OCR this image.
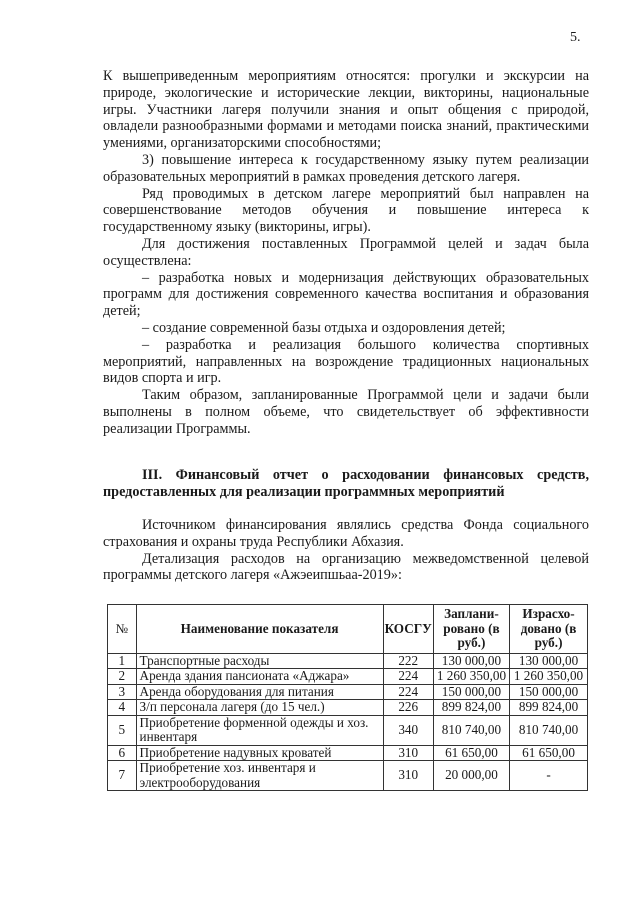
5.

К вышеприведенным мероприятиям относятся: прогулки и экскурсии на природе, экологические и исторические лекции, викторины, национальные игры. Участники лагеря получили знания и опыт общения с природой, овладели разнообразными формами и методами поиска знаний, практическими умениями, организаторскими способностями;

3) повышение интереса к государственному языку путем реализации образовательных мероприятий в рамках проведения детского лагеря.

Ряд проводимых в детском лагере мероприятий был направлен на совершенствование методов обучения и повышение интереса к государственному языку (викторины, игры).

Для достижения поставленных Программой целей и задач была осуществлена:

– разработка новых и модернизация действующих образовательных программ для достижения современного качества воспитания и образования детей;

– создание современной базы отдыха и оздоровления детей;

– разработка и реализация большого количества спортивных мероприятий, направленных на возрождение традиционных национальных видов спорта и игр.

Таким образом, запланированные Программой цели и задачи были выполнены в полном объеме, что свидетельствует об эффективности реализации Программы.

III. Финансовый отчет о расходовании финансовых средств, предоставленных для реализации программных мероприятий

Источником финансирования являлись средства Фонда социального страхования и охраны труда Республики Абхазия.

Детализация расходов на организацию межведомственной целевой программы детского лагеря «Ажэеипшьаа-2019»:

№	Наименование показателя	КОСГУ	Заплани-рованo (в руб.)	Израсхо-довано (в руб.)
1	Транспортные расходы	222	130 000,00	130 000,00
2	Аренда здания пансионата «Аджара»	224	1 260 350,00	1 260 350,00
3	Аренда оборудования для питания	224	150 000,00	150 000,00
4	З/п персонала лагеря (до 15 чел.)	226	899 824,00	899 824,00
5	Приобретение форменной одежды и хоз. инвентаря	340	810 740,00	810 740,00
6	Приобретение надувных кроватей	310	61 650,00	61 650,00
7	Приобретение хоз. инвентаря и электрооборудования	310	20 000,00	-
